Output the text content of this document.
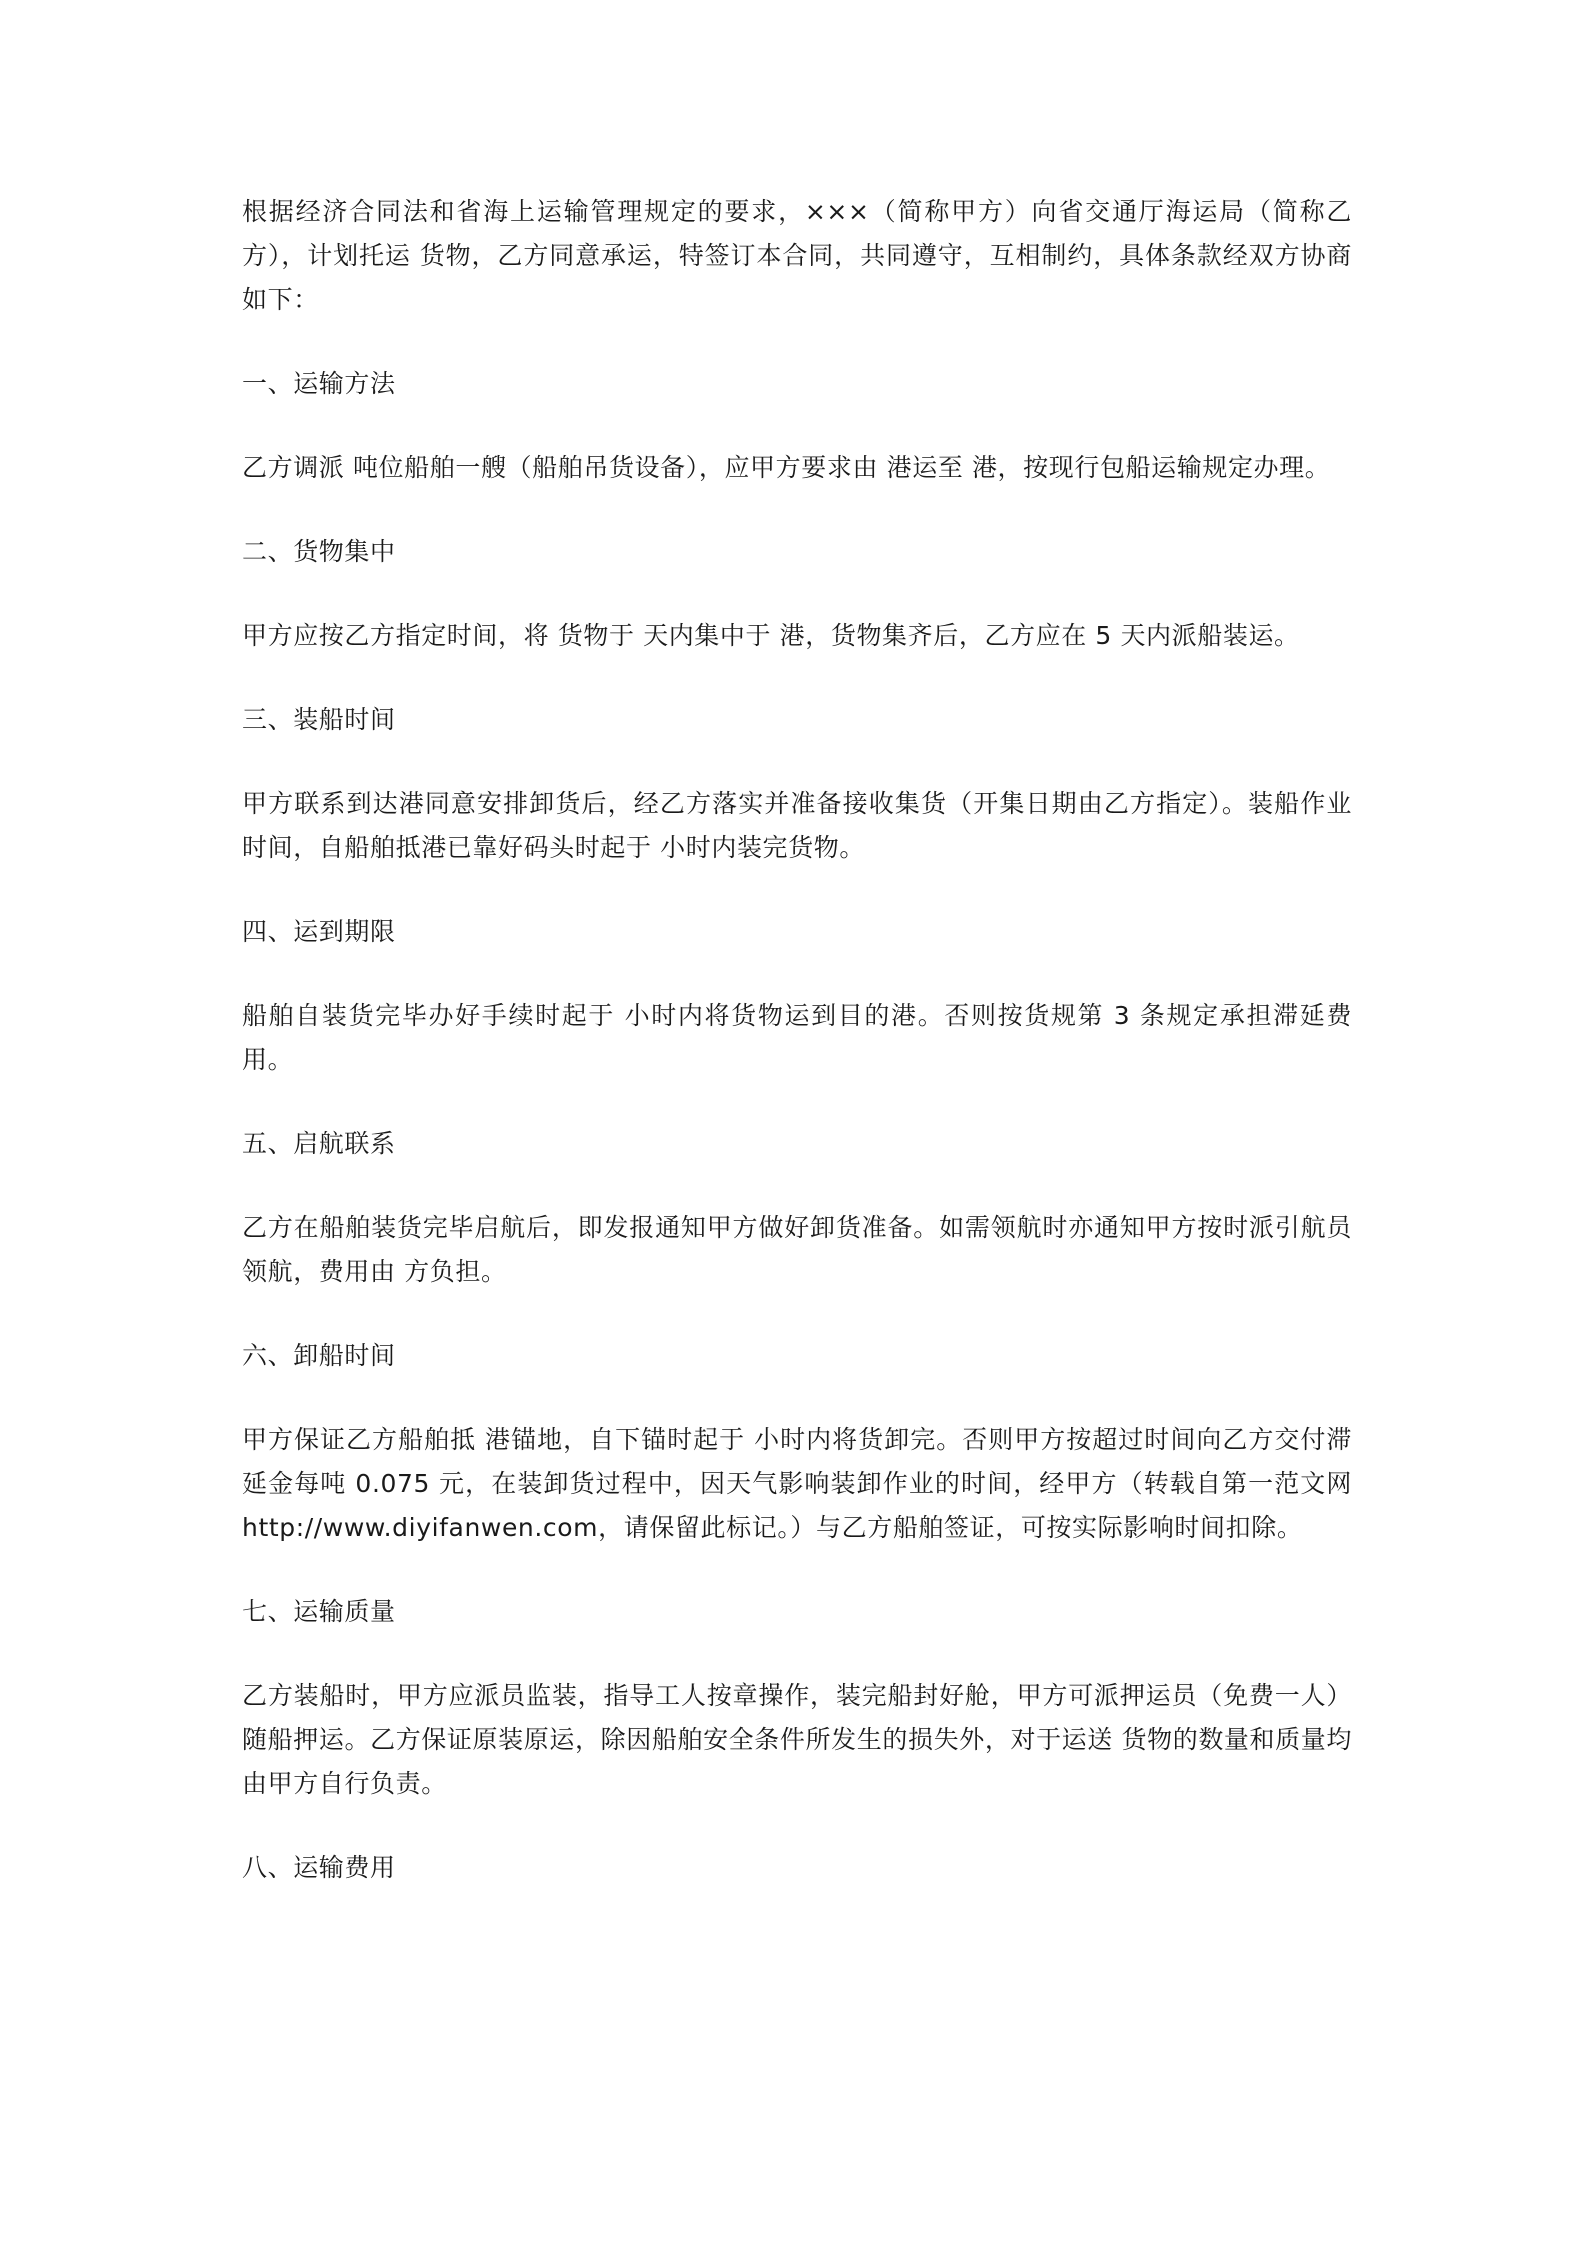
根据经济合同法和省海上运输管理规定的要求，×××（简称甲方）向省交通厅海运局（简称乙方），计划托运 货物，乙方同意承运，特签订本合同，共同遵守，互相制约，具体条款经双方协商如下：

一、运输方法

乙方调派 吨位船舶一艘（船舶吊货设备），应甲方要求由 港运至 港，按现行包船运输规定办理。

二、货物集中

甲方应按乙方指定时间，将 货物于 天内集中于 港，货物集齐后，乙方应在 5 天内派船装运。

三、装船时间

甲方联系到达港同意安排卸货后，经乙方落实并准备接收集货（开集日期由乙方指定）。装船作业时间，自船舶抵港已靠好码头时起于 小时内装完货物。

四、运到期限

船舶自装货完毕办好手续时起于 小时内将货物运到目的港。否则按货规第 3 条规定承担滞延费用。

五、启航联系

乙方在船舶装货完毕启航后，即发报通知甲方做好卸货准备。如需领航时亦通知甲方按时派引航员领航，费用由 方负担。

六、卸船时间

甲方保证乙方船舶抵 港锚地，自下锚时起于 小时内将货卸完。否则甲方按超过时间向乙方交付滞延金每吨 0.075 元，在装卸货过程中，因天气影响装卸作业的时间，经甲方（转载自第一范文网 http://www.diyifanwen.com，请保留此标记。）与乙方船舶签证，可按实际影响时间扣除。

七、运输质量

乙方装船时，甲方应派员监装，指导工人按章操作，装完船封好舱，甲方可派押运员（免费一人）随船押运。乙方保证原装原运，除因船舶安全条件所发生的损失外，对于运送 货物的数量和质量均由甲方自行负责。

八、运输费用
